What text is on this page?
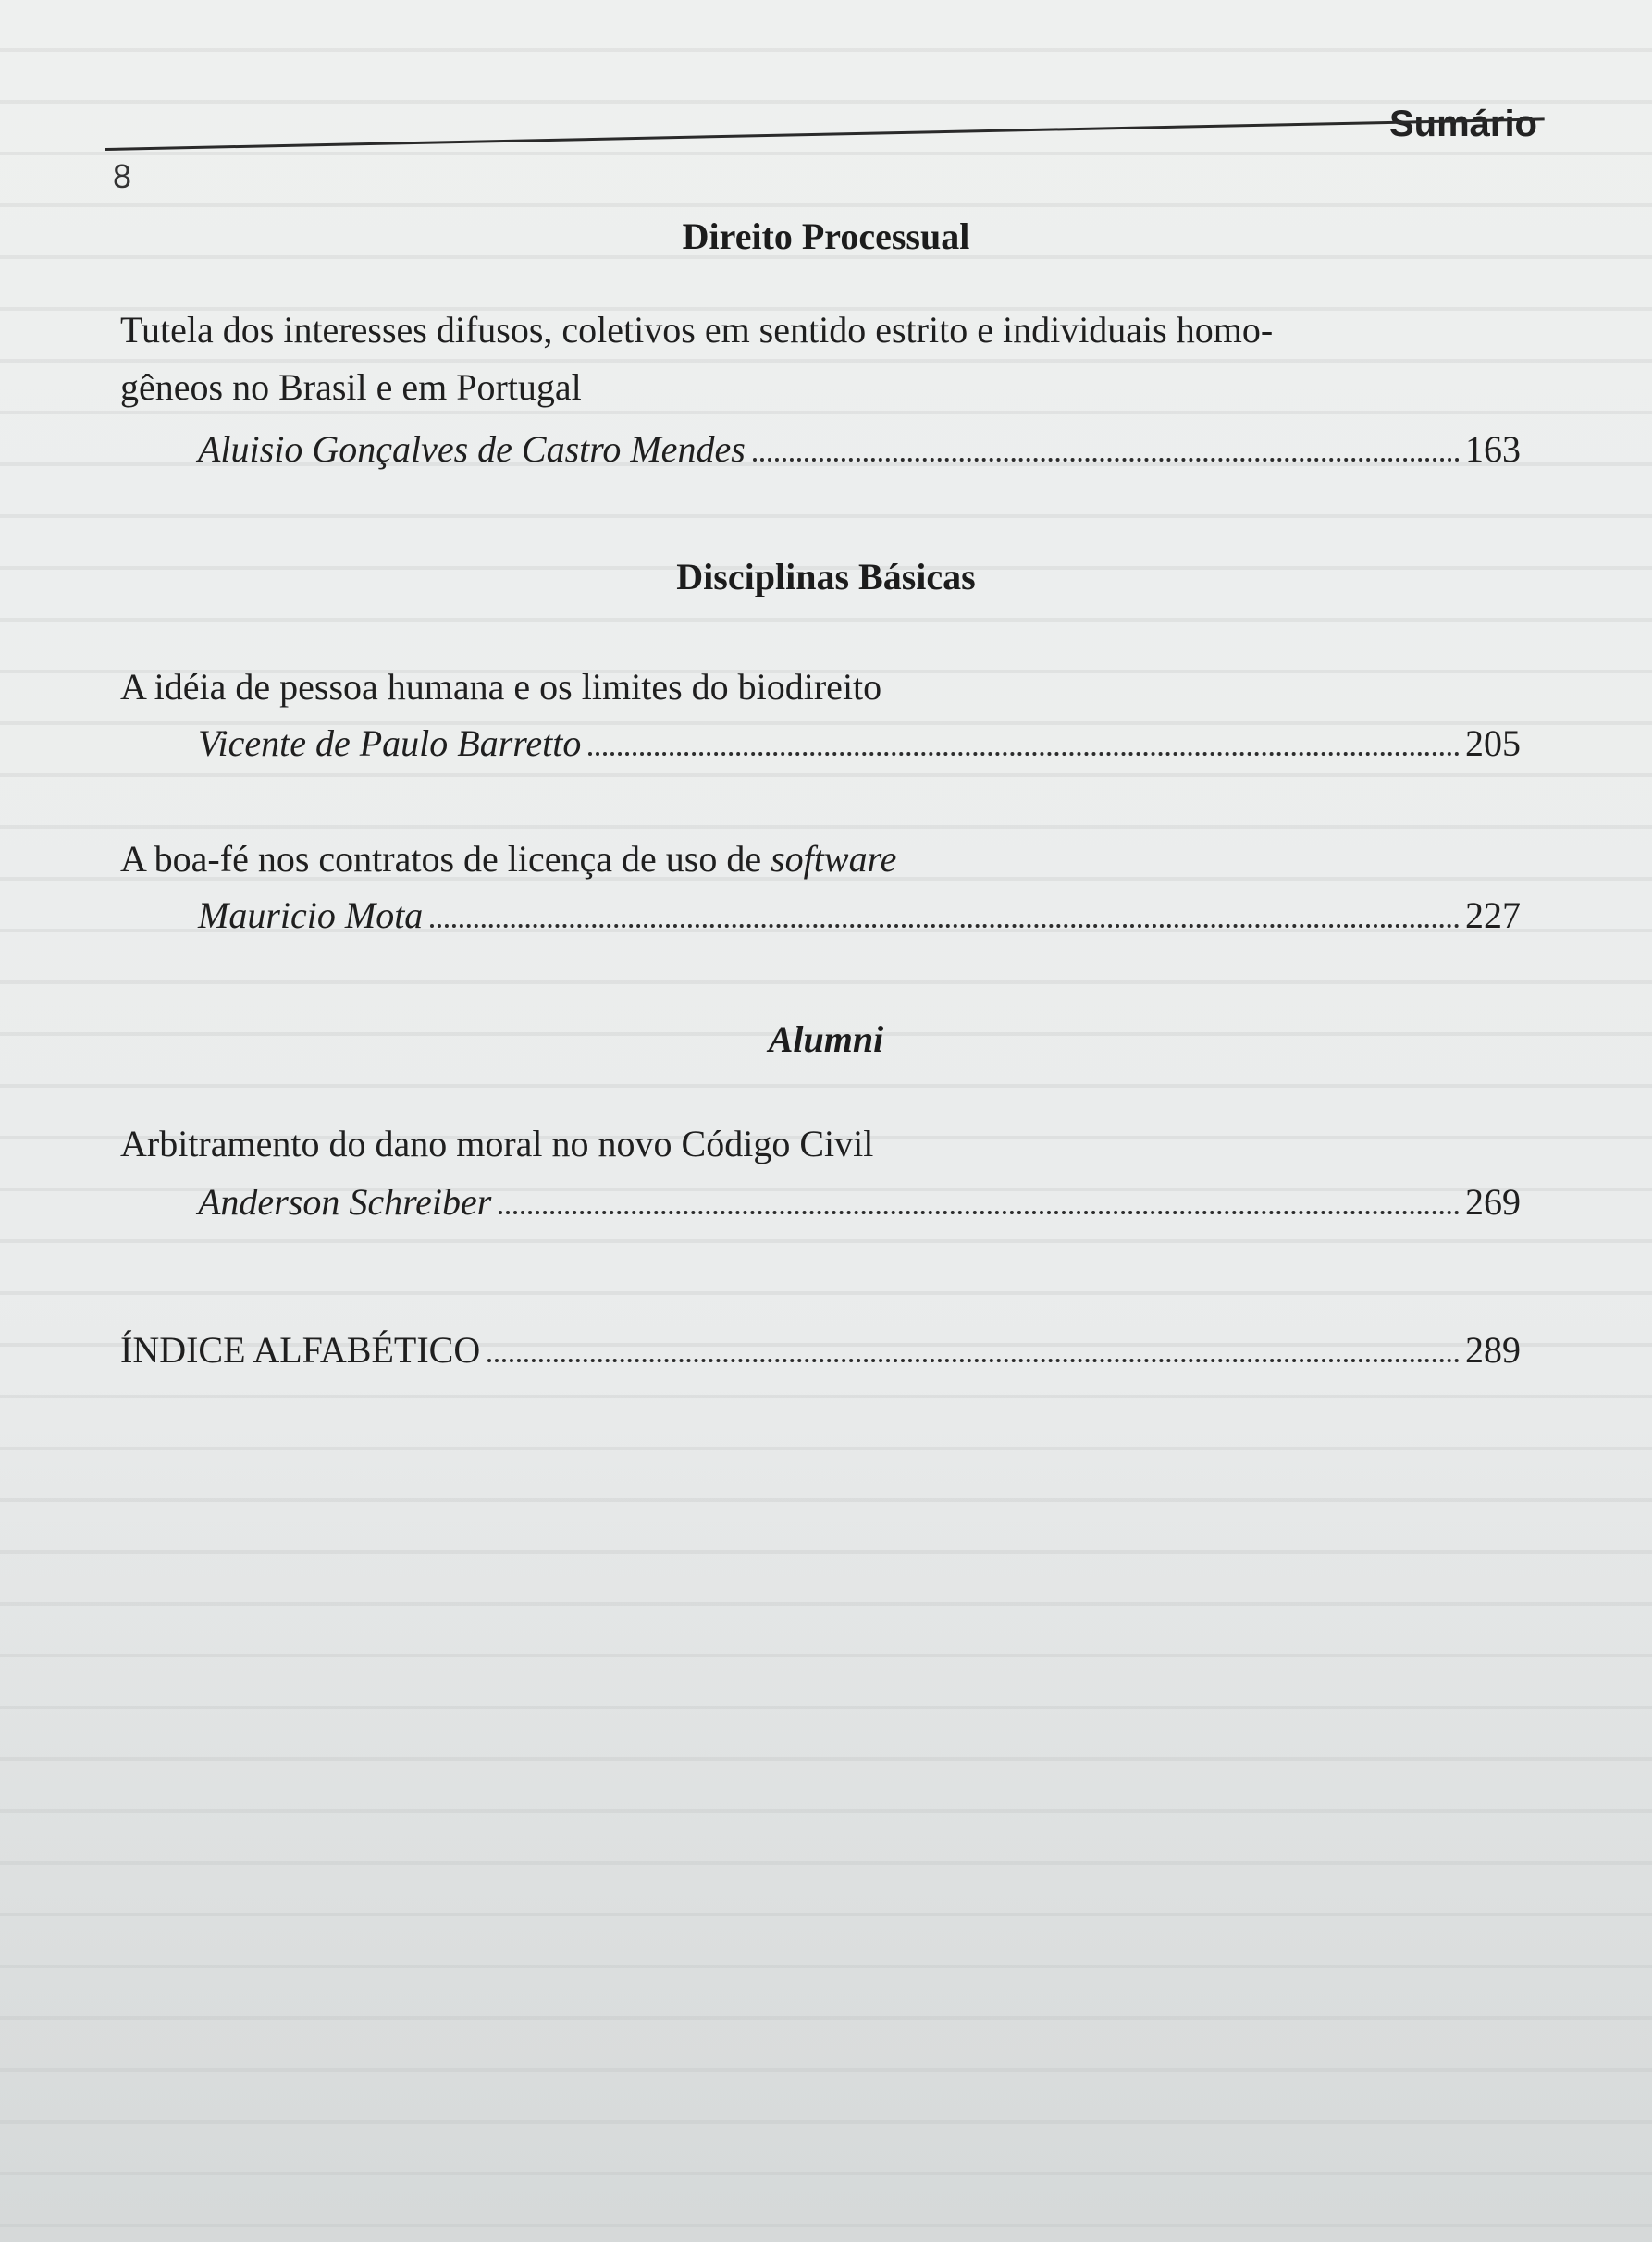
Sumário
8
Direito Processual
Tutela dos interesses difusos, coletivos em sentido estrito e individuais homo-
gêneos no Brasil e em Portugal
Aluisio Gonçalves de Castro Mendes	163
Disciplinas Básicas
A idéia de pessoa humana e os limites do biodireito
Vicente de Paulo Barretto	205
A boa-fé nos contratos de licença de uso de software
Mauricio Mota	227
Alumni
Arbitramento do dano moral no novo Código Civil
Anderson Schreiber	269
ÍNDICE ALFABÉTICO	289
